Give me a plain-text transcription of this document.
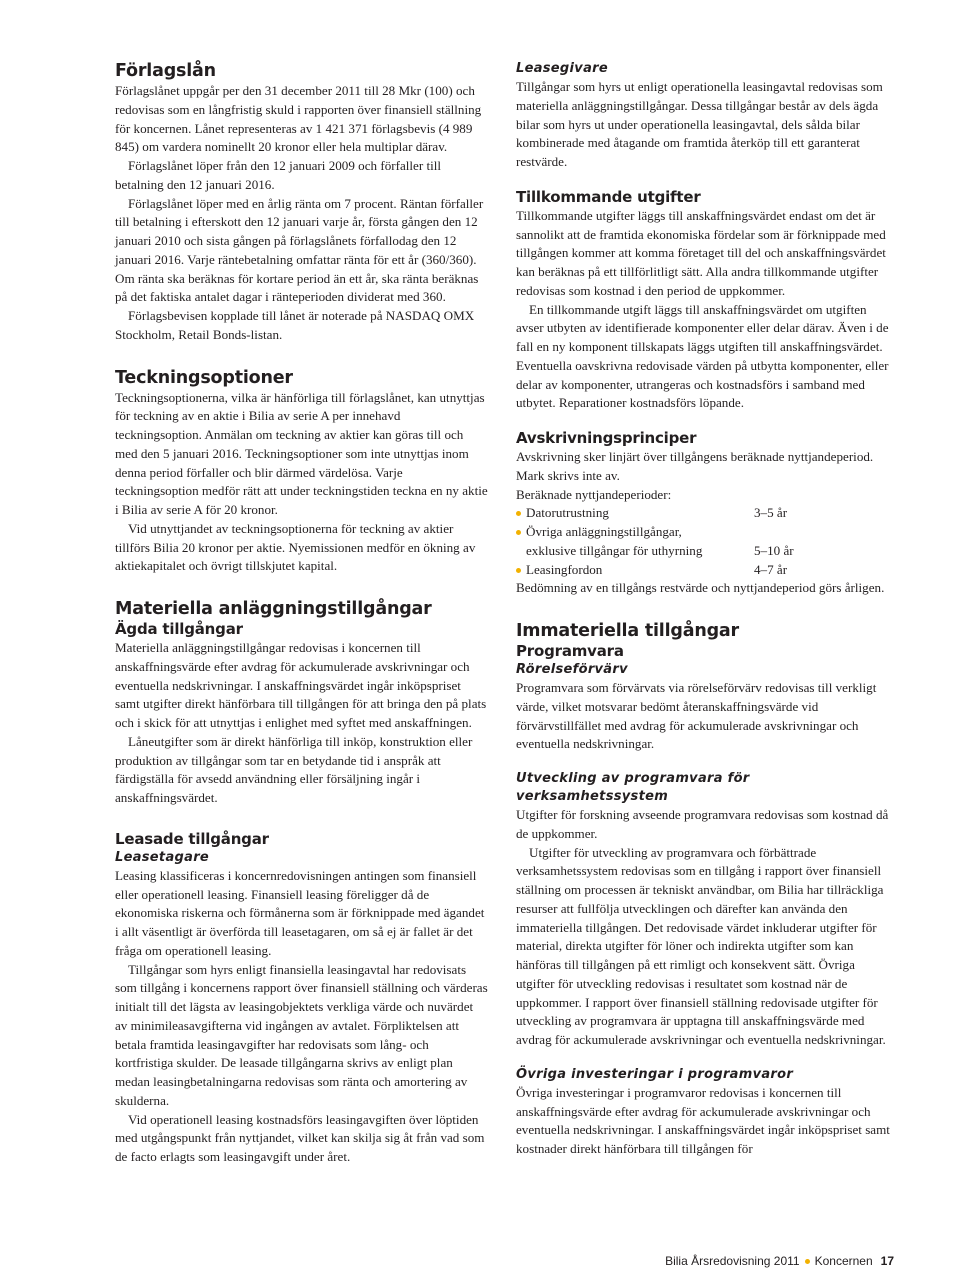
Förlagslån

Förlagslånet uppgår per den 31 december 2011 till 28 Mkr (100) och redovisas som en långfristig skuld i rapporten över finansiell ställning för koncernen. Lånet representeras av 1 421 371 förlagsbevis (4 989 845) om vardera nominellt 20 kronor eller hela multiplar därav.

Förlagslånet löper från den 12 januari 2009 och förfaller till betalning den 12 januari 2016.

Förlagslånet löper med en årlig ränta om 7 procent. Räntan förfaller till betalning i efterskott den 12 januari varje år, första gången den 12 januari 2010 och sista gången på förlagslånets förfallodag den 12 januari 2016. Varje räntebetalning omfattar ränta för ett år (360/360). Om ränta ska beräknas för kortare period än ett år, ska ränta beräknas på det faktiska antalet dagar i ränteperioden dividerat med 360.

Förlagsbevisen kopplade till lånet är noterade på NASDAQ OMX Stockholm, Retail Bonds-listan.

Teckningsoptioner

Teckningsoptionerna, vilka är hänförliga till förlagslånet, kan utnyttjas för teckning av en aktie i Bilia av serie A per innehavd teckningsoption. Anmälan om teckning av aktier kan göras till och med den 5 januari 2016. Teckningsoptioner som inte utnyttjas inom denna period förfaller och blir därmed värdelösa. Varje teckningsoption medför rätt att under teckningstiden teckna en ny aktie i Bilia av serie A för 20 kronor.

Vid utnyttjandet av teckningsoptionerna för teckning av aktier tillförs Bilia 20 kronor per aktie. Nyemissionen medför en ökning av aktiekapitalet och övrigt tillskjutet kapital.

Materiella anläggningstillgångar
Ägda tillgångar

Materiella anläggningstillgångar redovisas i koncernen till anskaffningsvärde efter avdrag för ackumulerade avskrivningar och eventuella nedskrivningar. I anskaffningsvärdet ingår inköpspriset samt utgifter direkt hänförbara till tillgången för att bringa den på plats och i skick för att utnyttjas i enlighet med syftet med anskaffningen.

Låneutgifter som är direkt hänförliga till inköp, konstruktion eller produktion av tillgångar som tar en betydande tid i anspråk att färdigställa för avsedd användning eller försäljning ingår i anskaffningsvärdet.

Leasade tillgångar
Leasetagare

Leasing klassificeras i koncernredovisningen antingen som finansiell eller operationell leasing. Finansiell leasing föreligger då de ekonomiska riskerna och förmånerna som är förknippade med ägandet i allt väsentligt är överförda till leasetagaren, om så ej är fallet är det fråga om operationell leasing.

Tillgångar som hyrs enligt finansiella leasingavtal har redovisats som tillgång i koncernens rapport över finansiell ställning och värderas initialt till det lägsta av leasingobjektets verkliga värde och nuvärdet av minimileasavgifterna vid ingången av avtalet. Förpliktelsen att betala framtida leasingavgifter har redovisats som lång- och kortfristiga skulder. De leasade tillgångarna skrivs av enligt plan medan leasingbetalningarna redovisas som ränta och amortering av skulderna.

Vid operationell leasing kostnadsförs leasingavgiften över löptiden med utgångspunkt från nyttjandet, vilket kan skilja sig åt från vad som de facto erlagts som leasingavgift under året.

Leasegivare

Tillgångar som hyrs ut enligt operationella leasingavtal redovisas som materiella anläggningstillgångar. Dessa tillgångar består av dels ägda bilar som hyrs ut under operationella leasingavtal, dels sålda bilar kombinerade med åtagande om framtida återköp till ett garanterat restvärde.

Tillkommande utgifter

Tillkommande utgifter läggs till anskaffningsvärdet endast om det är sannolikt att de framtida ekonomiska fördelar som är förknippade med tillgången kommer att komma företaget till del och anskaffningsvärdet kan beräknas på ett tillförlitligt sätt. Alla andra tillkommande utgifter redovisas som kostnad i den period de uppkommer.

En tillkommande utgift läggs till anskaffningsvärdet om utgiften avser utbyten av identifierade komponenter eller delar därav. Även i de fall en ny komponent tillskapats läggs utgiften till anskaffningsvärdet. Eventuella oavskrivna redovisade värden på utbytta komponenter, eller delar av komponenter, utrangeras och kostnadsförs i samband med utbytet. Reparationer kostnadsförs löpande.

Avskrivningsprinciper

Avskrivning sker linjärt över tillgångens beräknade nyttjandeperiod. Mark skrivs inte av.

Beräknade nyttjandeperioder:

Datorutrustning	3–5 år
Övriga anläggningstillgångar,
exklusive tillgångar för uthyrning	5–10 år
Leasingfordon	4–7 år

Bedömning av en tillgångs restvärde och nyttjandeperiod görs årligen.

Immateriella tillgångar
Programvara
Rörelseförvärv

Programvara som förvärvats via rörelseförvärv redovisas till verkligt värde, vilket motsvarar bedömt återanskaffningsvärde vid förvärvstillfället med avdrag för ackumulerade avskrivningar och eventuella nedskrivningar.

Utveckling av programvara för verksamhetssystem

Utgifter för forskning avseende programvara redovisas som kostnad då de uppkommer.

Utgifter för utveckling av programvara och förbättrade verksamhetssystem redovisas som en tillgång i rapport över finansiell ställning om processen är tekniskt användbar, om Bilia har tillräckliga resurser att fullfölja utvecklingen och därefter kan använda den immateriella tillgången. Det redovisade värdet inkluderar utgifter för material, direkta utgifter för löner och indirekta utgifter som kan hänföras till tillgången på ett rimligt och konsekvent sätt. Övriga utgifter för utveckling redovisas i resultatet som kostnad när de uppkommer. I rapport över finansiell ställning redovisade utgifter för utveckling av programvara är upptagna till anskaffningsvärde med avdrag för ackumulerade avskrivningar och eventuella nedskrivningar.

Övriga investeringar i programvaror

Övriga investeringar i programvaror redovisas i koncernen till anskaffningsvärde efter avdrag för ackumulerade avskrivningar och eventuella nedskrivningar. I anskaffningsvärdet ingår inköpspriset samt kostnader direkt hänförbara till tillgången för

Bilia Årsredovisning 2011 Koncernen 17
